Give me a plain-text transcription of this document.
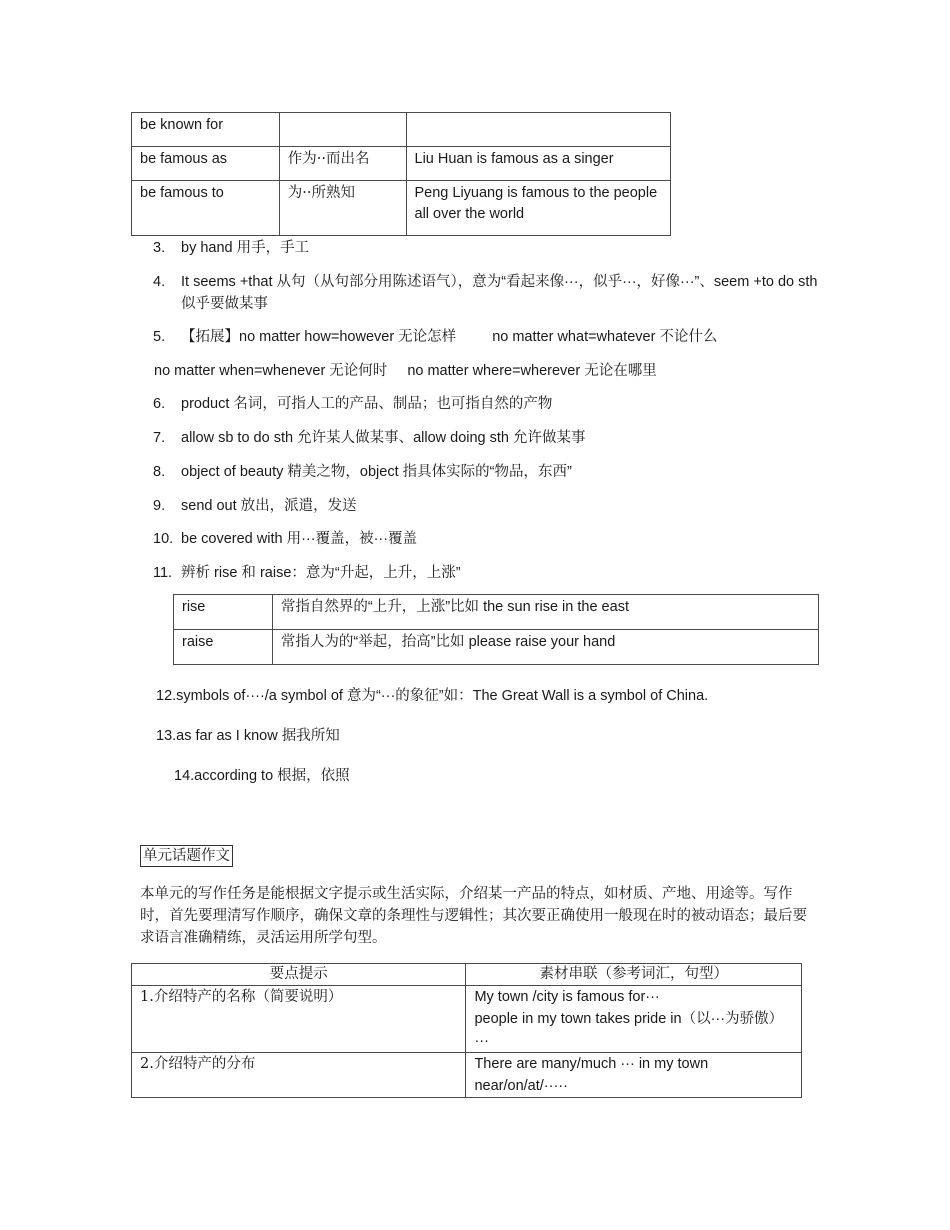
be known for		

be famous as	作为··而出名	Liu Huan is famous as a singer

be famous to	为··所熟知	Peng Liyuang is famous to the people all over the world
3. by hand 用手，手工
4.	It seems +that 从句（从句部分用陈述语气），意为“看起来像···，似乎···，好像···”、seem +to do sth 似乎要做某事
5. 【拓展】no matter how=however 无论怎样 no matter what=whatever 不论什么
no matter when=whenever 无论何时 no matter where=wherever 无论在哪里
6. product 名词，可指人工的产品、制品；也可指自然的产物
7. allow sb to do sth 允许某人做某事、allow doing sth 允许做某事
8. object of beauty 精美之物，object 指具体实际的“物品，东西”
9. send out 放出，派遣，发送
10. be covered with 用···覆盖，被···覆盖
11. 辨析 rise 和 raise：意为“升起，上升，上涨”
rise	常指自然界的“上升，上涨”比如 the sun rise in the east

raise	常指人为的“举起，抬高”比如 please raise your hand
12.symbols of····/a symbol of 意为“···的象征”如：The Great Wall is a symbol of China.
13.as far as I know 据我所知
14.according to 根据，依照
单元话题作文
本单元的写作任务是能根据文字提示或生活实际，介绍某一产品的特点，如材质、产地、用途等。写作时，首先要理清写作顺序，确保文章的条理性与逻辑性；其次要正确使用一般现在时的被动语态；最后要求语言准确精练，灵活运用所学句型。
要点提示	素材串联（参考词汇，句型）

1.介绍特产的名称（简要说明）	My town /city is famous for···
people in my town takes pride in（以···为骄傲） ···

2.介绍特产的分布	There are many/much ··· in my town
near/on/at/·····
